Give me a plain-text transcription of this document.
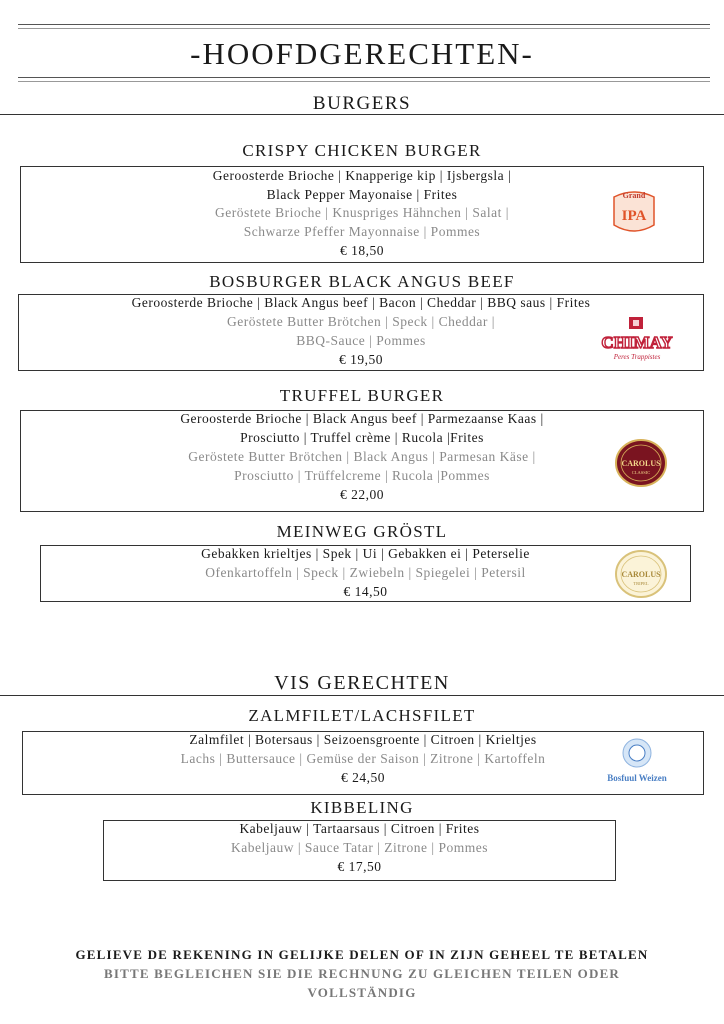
-HOOFDGERECHTEN-
BURGERS
CRISPY CHICKEN BURGER
Geroosterde Brioche | Knapperige kip | Ijsbergsla |
Black Pepper Mayonaise | Frites
Geröstete Brioche | Knuspriges Hähnchen | Salat |
Schwarze Pfeffer Mayonnaise | Pommes
€ 18,50
Grand
IPA
BOSBURGER BLACK ANGUS BEEF
Geroosterde Brioche | Black Angus beef | Bacon | Cheddar | BBQ saus | Frites
Geröstete Butter Brötchen | Speck | Cheddar |
BBQ-Sauce | Pommes
€ 19,50
CHIMAY
Peres Trappistes
TRUFFEL BURGER
Geroosterde Brioche | Black Angus beef | Parmezaanse Kaas |
Prosciutto | Truffel crème | Rucola |Frites
Geröstete Butter Brötchen | Black Angus | Parmesan Käse |
Prosciutto | Trüffelcreme | Rucola |Pommes
€ 22,00
CAROLUS
CLASSIC
MEINWEG GRÖSTL
Gebakken krieltjes | Spek | Ui | Gebakken ei | Peterselie
Ofenkartoffeln | Speck | Zwiebeln | Spiegelei | Petersil
€ 14,50
CAROLUS
TRIPEL
VIS GERECHTEN
ZALMFILET/LACHSFILET
Zalmfilet | Botersaus | Seizoensgroente | Citroen | Krieltjes
Lachs | Buttersauce | Gemüse der Saison | Zitrone | Kartoffeln
€ 24,50	Bosfuul Weizen
KIBBELING
Kabeljauw | Tartaarsaus | Citroen | Frites
Kabeljauw | Sauce Tatar | Zitrone | Pommes
€ 17,50
GELIEVE DE REKENING IN GELIJKE DELEN OF IN ZIJN GEHEEL TE BETALEN
BITTE BEGLEICHEN SIE DIE RECHNUNG ZU GLEICHEN TEILEN ODER
VOLLSTÄNDIG
